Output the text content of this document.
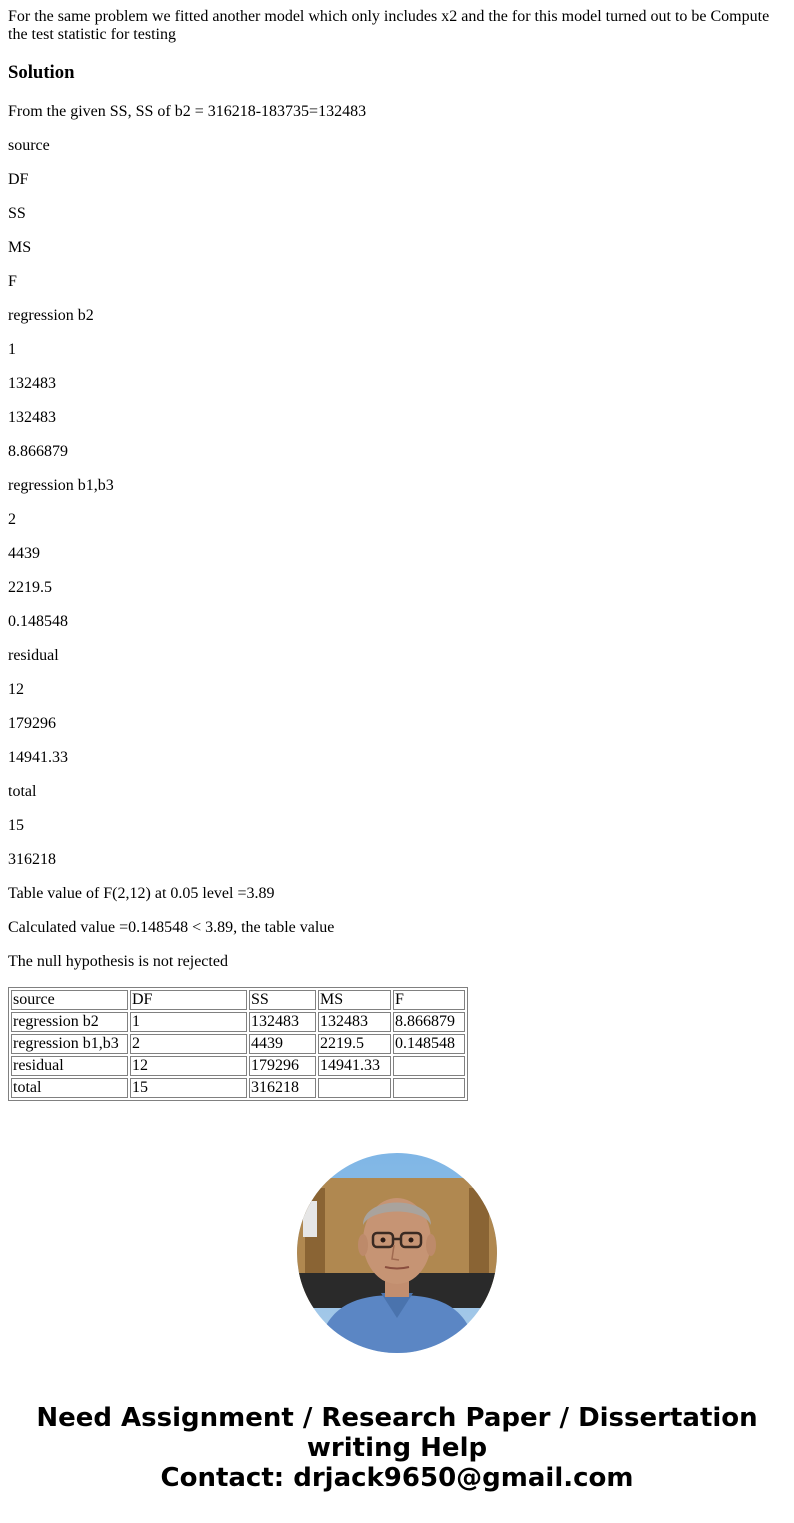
For the same problem we fitted another model which only includes x2 and the for this model turned out to be Compute the test statistic for testing

Solution

From the given SS, SS of b2 = 316218-183735=132483

source

DF

SS

MS

F

regression b2

1

132483

132483

8.866879

regression b1,b3

2

4439

2219.5

0.148548

residual

12

179296

14941.33

total

15

316218

Table value of F(2,12) at 0.05 level =3.89

Calculated value =0.148548 < 3.89, the table value

The null hypothesis is not rejected

source	DF	SS	MS	F
regression b2	1	132483	132483	8.866879
regression b1,b3	2	4439	2219.5	0.148548
residual	12	179296	14941.33	
total	15	316218		
Need Assignment / Research Paper / Dissertation
writing Help
Contact: drjack9650@gmail.com
